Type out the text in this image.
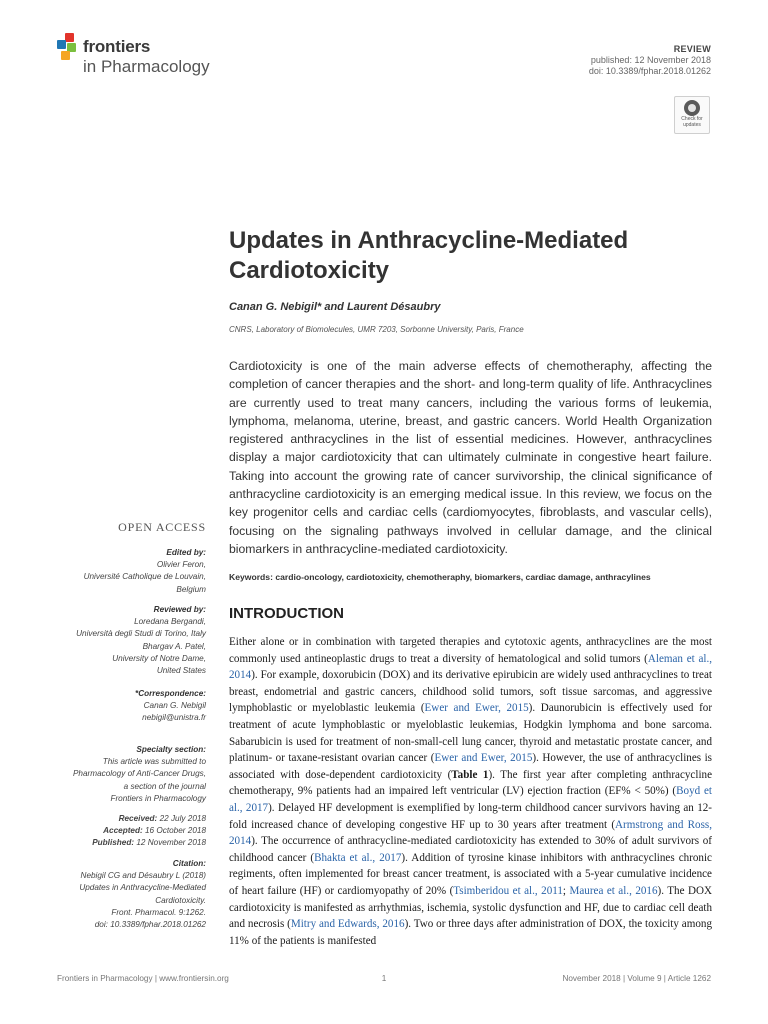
frontiers
in Pharmacology
REVIEW
published: 12 November 2018
doi: 10.3389/fphar.2018.01262
Check for
updates
Updates in Anthracycline-Mediated Cardiotoxicity
Canan G. Nebigil* and Laurent Désaubry
CNRS, Laboratory of Biomolecules, UMR 7203, Sorbonne University, Paris, France

Cardiotoxicity is one of the main adverse effects of chemotheraphy, affecting the completion of cancer therapies and the short- and long-term quality of life. Anthracyclines are currently used to treat many cancers, including the various forms of leukemia, lymphoma, melanoma, uterine, breast, and gastric cancers. World Health Organization registered anthracyclines in the list of essential medicines. However, anthracyclines display a major cardiotoxicity that can ultimately culminate in congestive heart failure. Taking into account the growing rate of cancer survivorship, the clinical significance of anthracycline cardiotoxicity is an emerging medical issue. In this review, we focus on the key progenitor cells and cardiac cells (cardiomyocytes, fibroblasts, and vascular cells), focusing on the signaling pathways involved in cellular damage, and the clinical biomarkers in anthracycline-mediated cardiotoxicity.

Keywords: cardio-oncology, cardiotoxicity, chemotheraphy, biomarkers, cardiac damage, anthracylines
INTRODUCTION

Either alone or in combination with targeted therapies and cytotoxic agents, anthracyclines are the most commonly used antineoplastic drugs to treat a diversity of hematological and solid tumors (Aleman et al., 2014). For example, doxorubicin (DOX) and its derivative epirubicin are widely used anthracyclines to treat breast, endometrial and gastric cancers, childhood solid tumors, soft tissue sarcomas, and aggressive lymphoblastic or myeloblastic leukemia (Ewer and Ewer, 2015). Daunorubicin is effectively used for treatment of acute lymphoblastic or myeloblastic leukemias, Hodgkin lymphoma and bone sarcoma. Sabarubicin is used for treatment of non-small-cell lung cancer, thyroid and metastatic prostate cancer, and platinum- or taxane-resistant ovarian cancer (Ewer and Ewer, 2015). However, the use of anthracyclines is associated with dose-dependent cardiotoxicity (Table 1). The first year after completing anthracycline chemotherapy, 9% patients had an impaired left ventricular (LV) ejection fraction (EF% < 50%) (Boyd et al., 2017). Delayed HF development is exemplified by long-term childhood cancer survivors having an 12-fold increased chance of developing congestive HF up to 30 years after treatment (Armstrong and Ross, 2014). The occurrence of anthracycline-mediated cardiotoxicity has extended to 30% of adult survivors of childhood cancer (Bhakta et al., 2017). Addition of tyrosine kinase inhibitors with anthracyclines chronic regiments, often implemented for breast cancer treatment, is associated with a 5-year cumulative incidence of heart failure (HF) or cardiomyopathy of 20% (Tsimberidou et al., 2011; Maurea et al., 2016). The DOX cardiotoxicity is manifested as arrhythmias, ischemia, systolic dysfunction and HF, due to cardiac cell death and necrosis (Mitry and Edwards, 2016). Two or three days after administration of DOX, the toxicity among 11% of the patients is manifested

OPEN ACCESS
Edited by:
Olivier Feron,
Université Catholique de Louvain,
Belgium
Reviewed by:
Loredana Bergandi,
Università degli Studi di Torino, Italy
Bhargav A. Patel,
University of Notre Dame,
United States
*Correspondence:
Canan G. Nebigil
nebigil@unistra.fr
Specialty section:
This article was submitted to
Pharmacology of Anti-Cancer Drugs,
a section of the journal
Frontiers in Pharmacology
Received: 22 July 2018
Accepted: 16 October 2018
Published: 12 November 2018
Citation:
Nebigil CG and Désaubry L (2018)
Updates in Anthracycline-Mediated
Cardiotoxicity.
Front. Pharmacol. 9:1262.
doi: 10.3389/fphar.2018.01262
Frontiers in Pharmacology | www.frontiersin.org	1	November 2018 | Volume 9 | Article 1262
